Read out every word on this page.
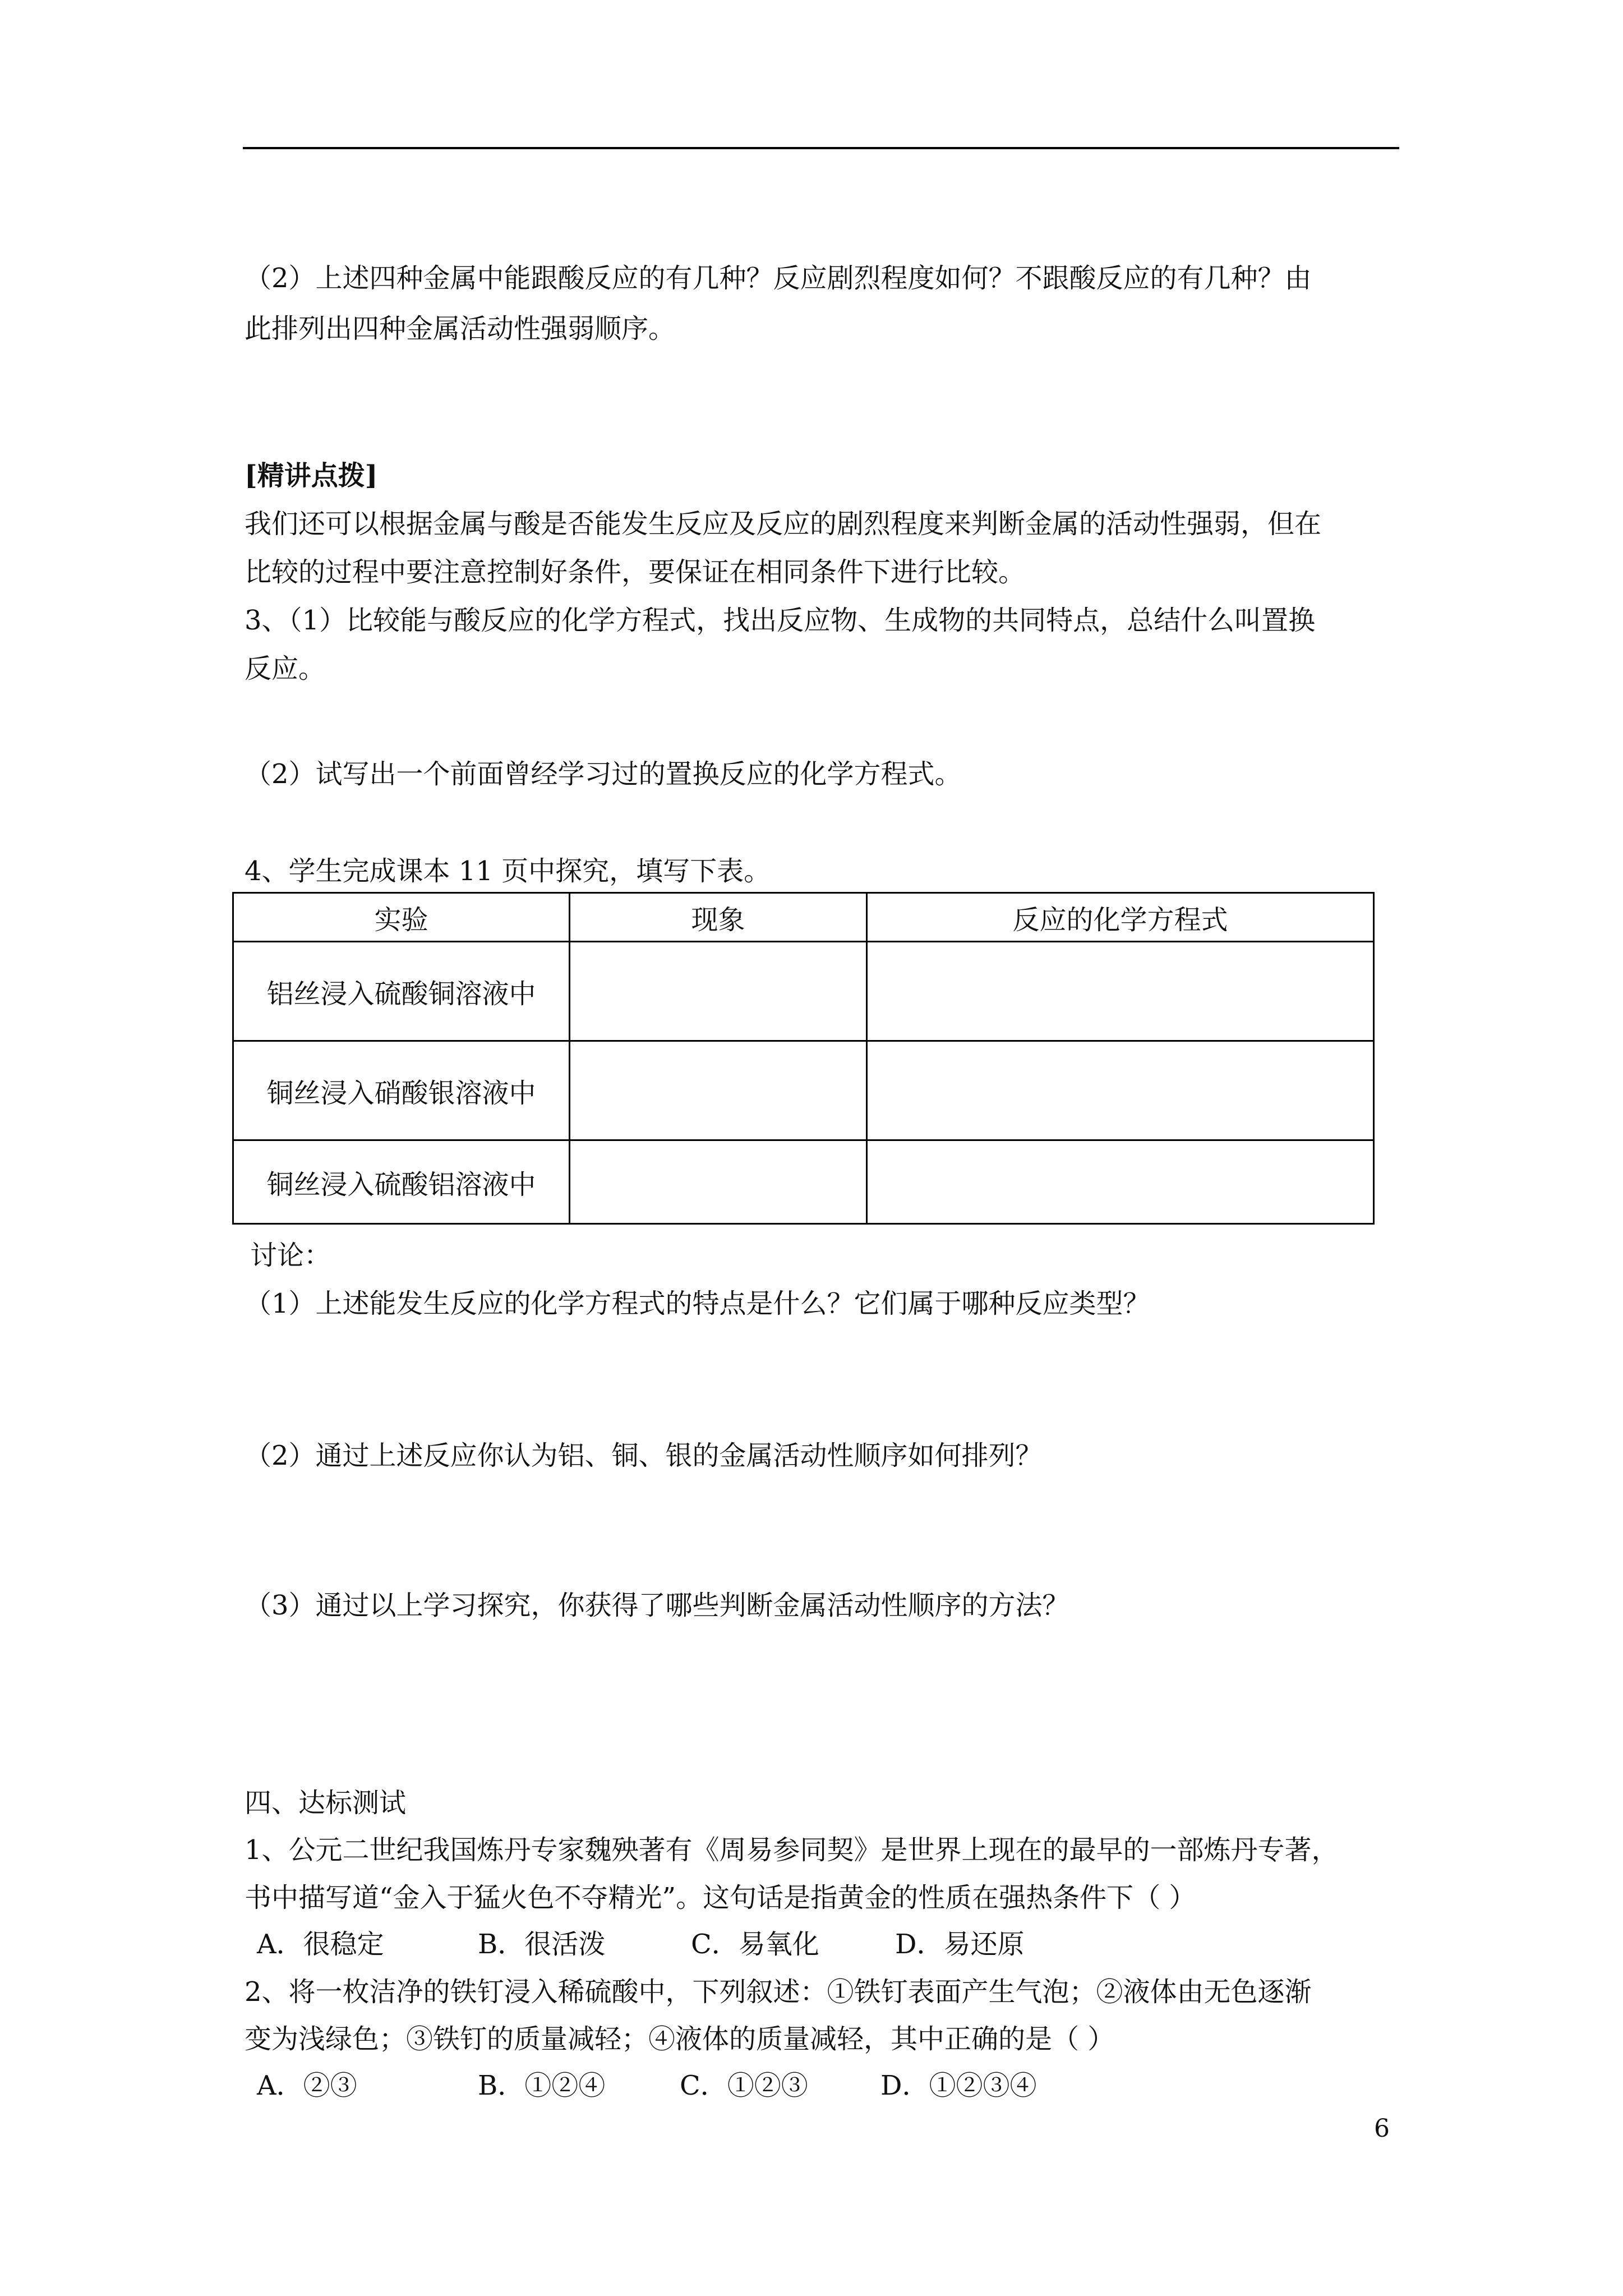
（2）上述四种金属中能跟酸反应的有几种？反应剧烈程度如何？不跟酸反应的有几种？由
此排列出四种金属活动性强弱顺序。
[精讲点拨]
我们还可以根据金属与酸是否能发生反应及反应的剧烈程度来判断金属的活动性强弱，但在
比较的过程中要注意控制好条件，要保证在相同条件下进行比较。
3、（1）比较能与酸反应的化学方程式，找出反应物、生成物的共同特点，总结什么叫置换
反应。
（2）试写出一个前面曾经学习过的置换反应的化学方程式。
4、学生完成课本 11 页中探究，填写下表。
实验	现象	反应的化学方程式
铝丝浸入硫酸铜溶液中		
铜丝浸入硝酸银溶液中		
铜丝浸入硫酸铝溶液中		
讨论：
（1）上述能发生反应的化学方程式的特点是什么？它们属于哪种反应类型？
（2）通过上述反应你认为铝、铜、银的金属活动性顺序如何排列？
（3）通过以上学习探究，你获得了哪些判断金属活动性顺序的方法？
四、达标测试
1、公元二世纪我国炼丹专家魏殃著有《周易参同契》是世界上现在的最早的一部炼丹专著，
书中描写道“金入于猛火色不夺精光”。这句话是指黄金的性质在强热条件下（ ）
A．很稳定	B．很活泼	C．易氧化	D．易还原
2、将一枚洁净的铁钉浸入稀硫酸中，下列叙述：①铁钉表面产生气泡；②液体由无色逐渐
变为浅绿色；③铁钉的质量减轻；④液体的质量减轻，其中正确的是（ ）
A．②③	B．①②④	C．①②③	D．①②③④
6
